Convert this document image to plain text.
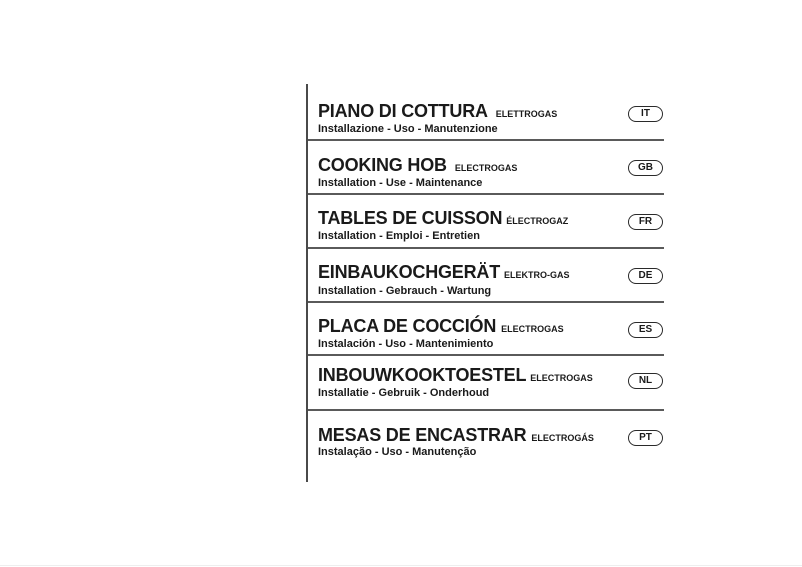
PIANO DI COTTURA ELETTROGAS
Installazione - Uso - Manutenzione
IT
COOKING HOB ELECTROGAS
Installation - Use - Maintenance
GB
TABLES DE CUISSON ÉLECTROGAZ
Installation - Emploi - Entretien
FR
EINBAUKOCHGERÄT ELEKTRO-GAS
Installation - Gebrauch - Wartung
DE
PLACA DE COCCIÓN ELECTROGAS
Instalación - Uso - Mantenimiento
ES
INBOUWKOOKTOESTEL ELECTROGAS
Installatie - Gebruik - Onderhoud
NL
MESAS DE ENCASTRAR ELECTROGÁS
Instalação - Uso - Manutenção
PT
